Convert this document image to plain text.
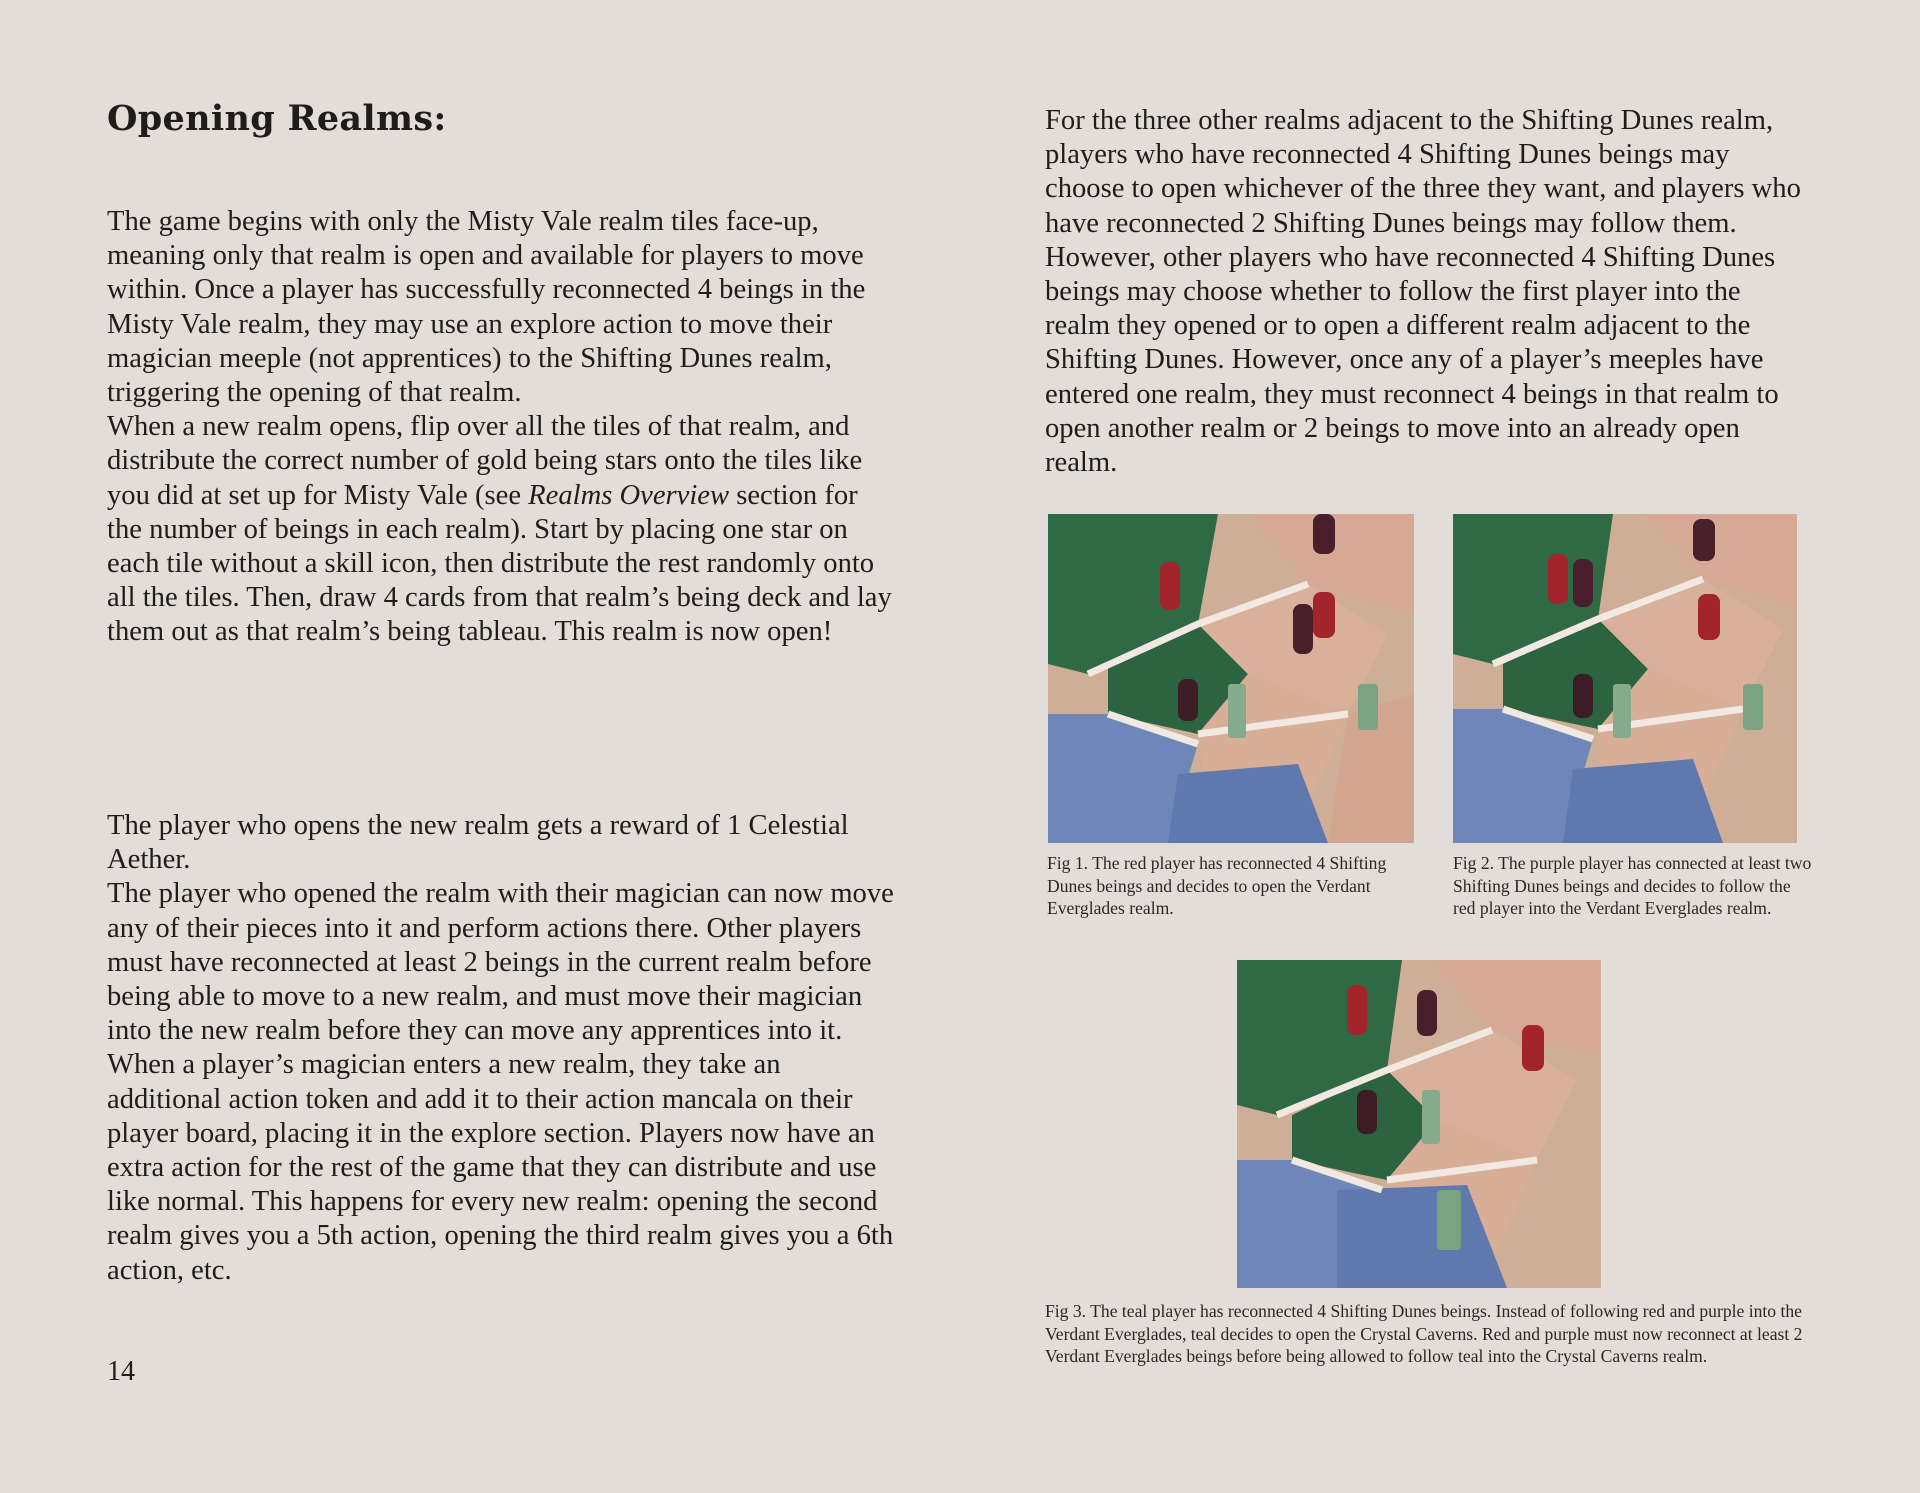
Opening Realms:

The game begins with only the Misty Vale realm tiles face-up, meaning only that realm is open and available for players to move within. Once a player has successfully reconnected 4 beings in the Misty Vale realm, they may use an explore action to move their magician meeple (not apprentices) to the Shifting Dunes realm, triggering the opening of that realm.

When a new realm opens, flip over all the tiles of that realm, and distribute the correct number of gold being stars onto the tiles like you did at set up for Misty Vale (see Realms Overview section for the number of beings in each realm). Start by placing one star on each tile without a skill icon, then distribute the rest randomly onto all the tiles. Then, draw 4 cards from that realm’s being deck and lay them out as that realm’s being tableau. This realm is now open!

The player who opens the new realm gets a reward of 1 Celestial Aether.

The player who opened the realm with their magician can now move any of their pieces into it and perform actions there. Other players must have reconnected at least 2 beings in the current realm before being able to move to a new realm, and must move their magician into the new realm before they can move any apprentices into it.

When a player’s magician enters a new realm, they take an additional action token and add it to their action mancala on their player board, placing it in the explore section. Players now have an extra action for the rest of the game that they can distribute and use like normal. This happens for every new realm: opening the second realm gives you a 5th action, opening the third realm gives you a 6th action, etc.

14

For the three other realms adjacent to the Shifting Dunes realm, players who have reconnected 4 Shifting Dunes beings may choose to open whichever of the three they want, and players who have reconnected 2 Shifting Dunes beings may follow them. However, other players who have reconnected 4 Shifting Dunes beings may choose whether to follow the first player into the realm they opened or to open a different realm adjacent to the Shifting Dunes. However, once any of a player’s meeples have entered one realm, they must reconnect 4 beings in that realm to open another realm or 2 beings to move into an already open realm.

Fig 1. The red player has reconnected 4 Shifting Dunes beings and decides to open the Verdant Everglades realm.

Fig 2. The purple player has connected at least two Shifting Dunes beings and decides to follow the red player into the Verdant Everglades realm.

Fig 3. The teal player has reconnected 4 Shifting Dunes beings. Instead of following red and purple into the Verdant Everglades, teal decides to open the Crystal Caverns. Red and purple must now reconnect at least 2 Verdant Everglades beings before being allowed to follow teal into the Crystal Caverns realm.
